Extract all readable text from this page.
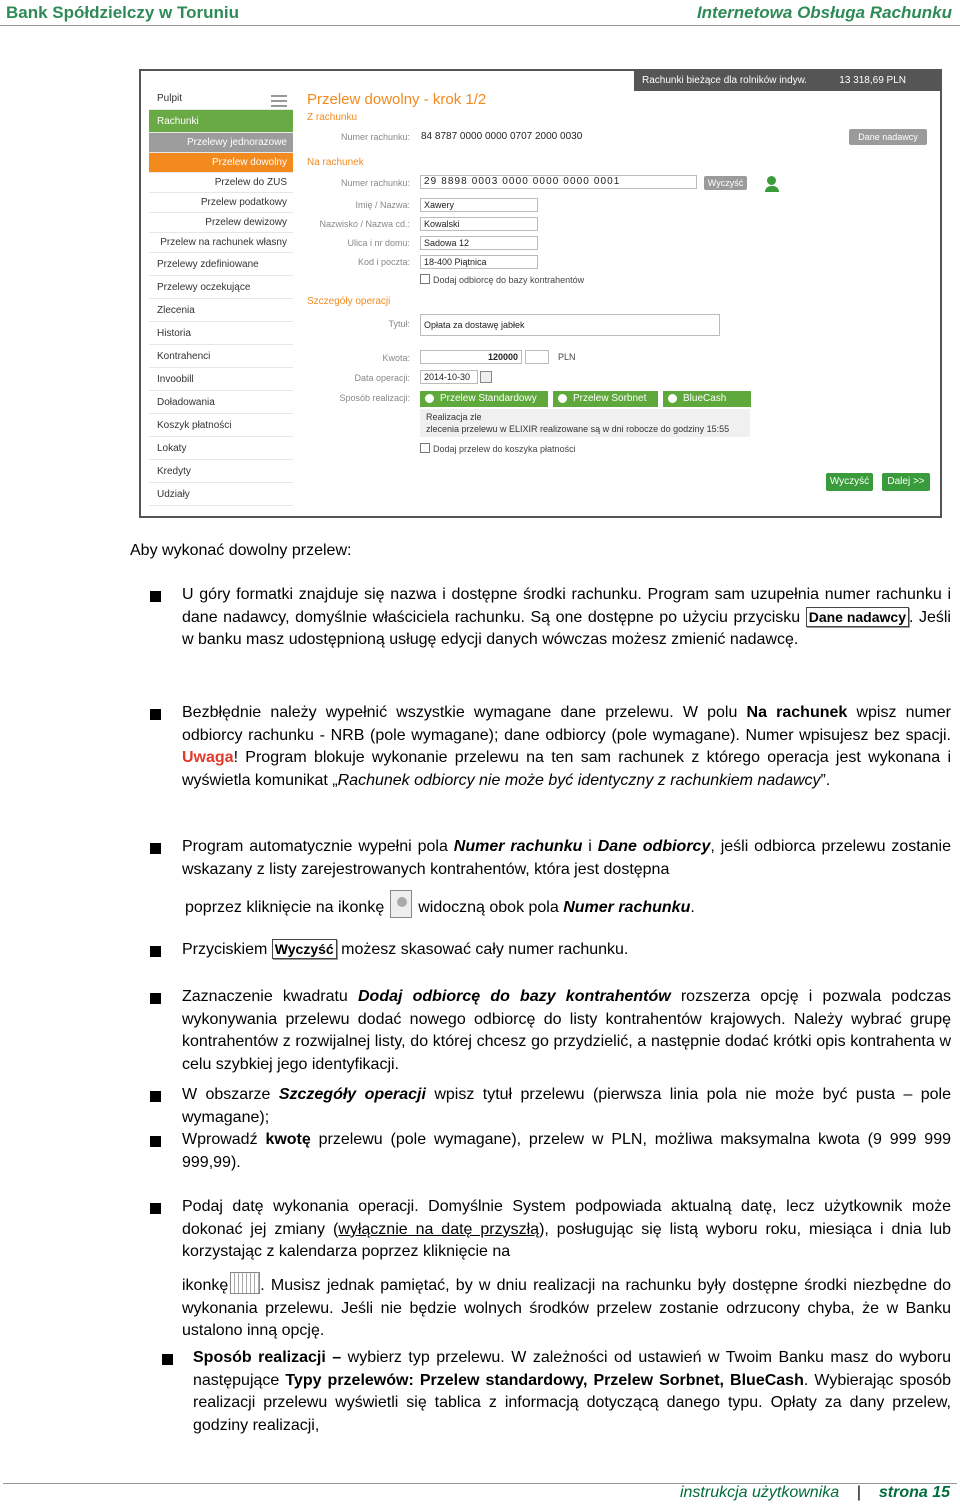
Bank Spółdzielczy w Toruniu	Internetowa Obsługa Rachunku
Pulpit
Rachunki
Przelewy jednorazowe
Przelew dowolny
Przelew do ZUS
Przelew podatkowy
Przelew dewizowy
Przelew na rachunek własny
Przelewy zdefiniowane
Przelewy oczekujące
Zlecenia
Historia
Kontrahenci
Invoobill
Doładowania
Koszyk płatności
Lokaty
Kredyty
Udziały
Rachunki bieżące dla rolników indyw.	13 318,69 PLN
Przelew dowolny - krok 1/2
Z rachunku
Numer rachunku: 84 8787 0000 0000 0707 2000 0030	Dane nadawcy
Na rachunek
Numer rachunku:	29 8898 0003 0000 0000 0000 0001	Wyczyść
Imię / Nazwa:	Xawery
Nazwisko / Nazwa cd.:	Kowalski
Ulica i nr domu:	Sadowa 12
Kod i poczta:	18-400 Piątnica
Dodaj odbiorcę do bazy kontrahentów
Szczegóły operacji
Tytuł:	Opłata za dostawę jabłek
Kwota:	120000	PLN
Data operacji:	2014-10-30
Sposób realizacji:	Przelew Standardowy	Przelew Sorbnet	BlueCash
Realizacja zle
zlecenia przelewu w ELIXIR realizowane są w dni robocze do godziny 15:55
Dodaj przelew do koszyka płatności
Wyczyść	Dalej >>
Aby wykonać dowolny przelew:
U góry formatki znajduje się nazwa i dostępne środki rachunku. Program sam uzupełnia numer rachunku i dane nadawcy, domyślnie właściciela rachunku. Są one dostępne po użyciu przycisku Dane nadawcy . Jeśli w banku masz udostępnioną usługę edycji danych wówczas możesz zmienić nadawcę.
Bezbłędnie należy wypełnić wszystkie wymagane dane przelewu. W polu Na rachunek wpisz numer odbiorcy rachunku - NRB (pole wymagane); dane odbiorcy (pole wymagane). Numer wpisujesz bez spacji. Uwaga! Program blokuje wykonanie przelewu na ten sam rachunek z którego operacja jest wykonana i wyświetla komunikat „Rachunek odbiorcy nie może być identyczny z rachunkiem nadawcy”.
Program automatycznie wypełni pola Numer rachunku i Dane odbiorcy, jeśli odbiorca przelewu zostanie wskazany z listy zarejestrowanych kontrahentów, która jest dostępna
poprzez kliknięcie na ikonkę widoczną obok pola Numer rachunku.
Przyciskiem Wyczyść możesz skasować cały numer rachunku.
Zaznaczenie kwadratu Dodaj odbiorcę do bazy kontrahentów rozszerza opcję i pozwala podczas wykonywania przelewu dodać nowego odbiorcę do listy kontrahentów krajowych. Należy wybrać grupę kontrahentów z rozwijalnej listy, do której chcesz go przydzielić, a następnie dodać krótki opis kontrahenta w celu szybkiej jego identyfikacji.
W obszarze Szczegóły operacji wpisz tytuł przelewu (pierwsza linia pola nie może być pusta – pole wymagane);
Wprowadź kwotę przelewu (pole wymagane), przelew w PLN, możliwa maksymalna kwota (9 999 999 999,99).
Podaj datę wykonania operacji. Domyślnie System podpowiada aktualną datę, lecz użytkownik może dokonać jej zmiany (wyłącznie na datę przyszłą), posługując się listą wyboru roku, miesiąca i dnia lub korzystając z kalendarza poprzez kliknięcie na
ikonkę . Musisz jednak pamiętać, by w dniu realizacji na rachunku były dostępne środki niezbędne do wykonania przelewu. Jeśli nie będzie wolnych środków przelew zostanie odrzucony chyba, że w Banku ustalono inną opcję.
Sposób realizacji – wybierz typ przelewu. W zależności od ustawień w Twoim Banku masz do wyboru następujące Typy przelewów: Przelew standardowy, Przelew Sorbnet, BlueCash. Wybierając sposób realizacji przelewu wyświetli się tablica z informacją dotyczącą danego typu. Opłaty za dany przelew, godziny realizacji,
instrukcja użytkownika | strona 15
